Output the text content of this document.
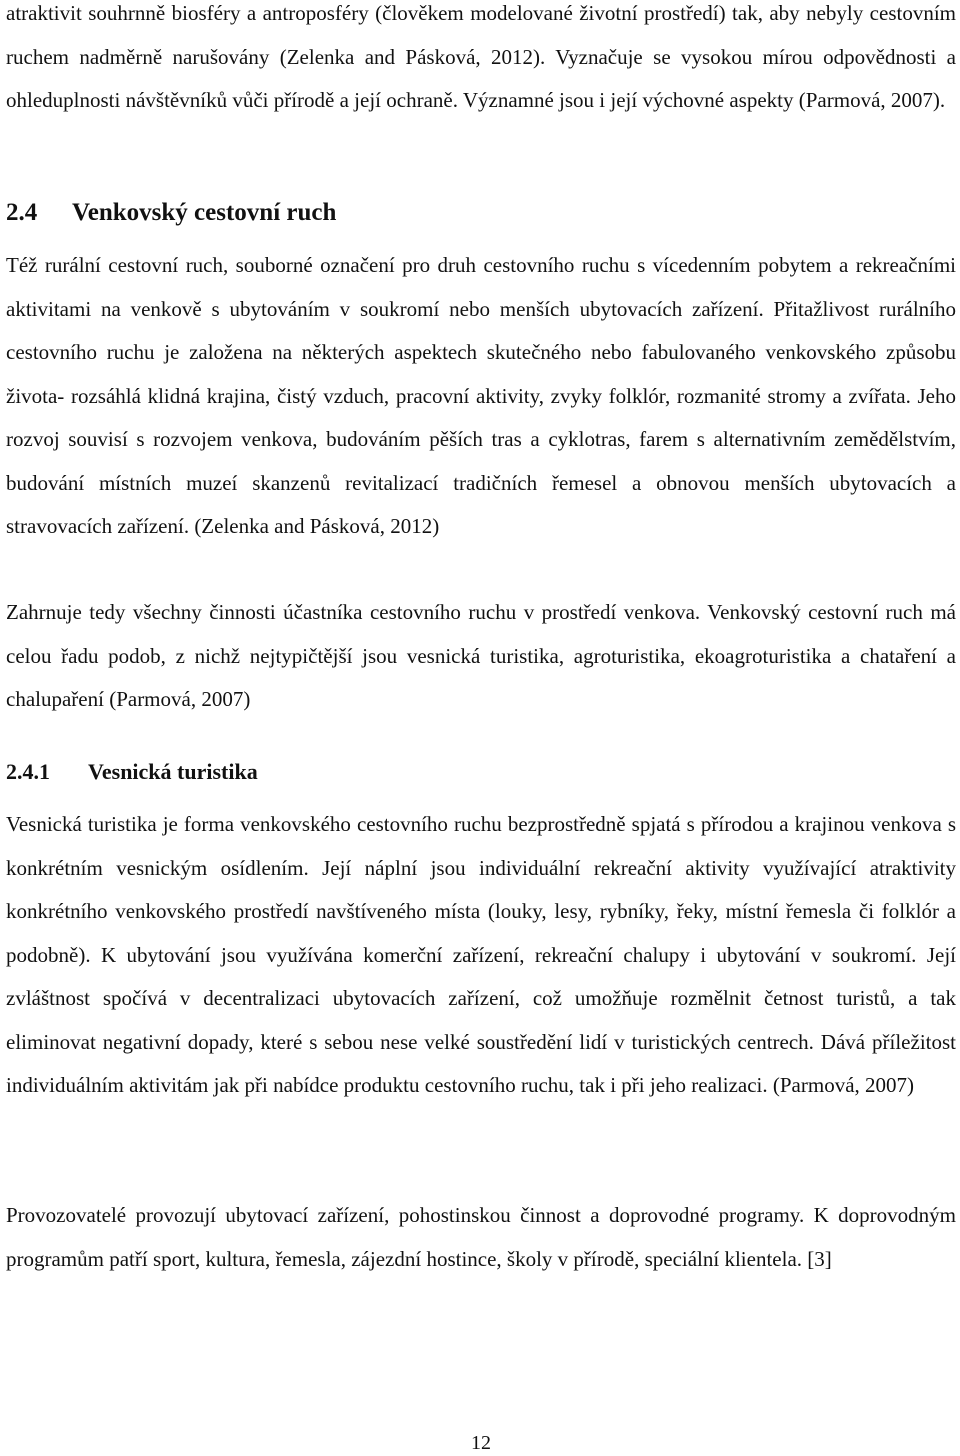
atraktivit souhrnně biosféry a antroposféry (člověkem modelované životní prostředí) tak, aby nebyly cestovním ruchem nadměrně narušovány (Zelenka and Pásková, 2012). Vyznačuje se vysokou mírou odpovědnosti a ohleduplnosti návštěvníků vůči přírodě a její ochraně. Významné jsou i její výchovné aspekty (Parmová, 2007).

2.4 Venkovský cestovní ruch

Též rurální cestovní ruch, souborné označení pro druh cestovního ruchu s vícedenním pobytem a rekreačními aktivitami na venkově s ubytováním v soukromí nebo menších ubytovacích zařízení. Přitažlivost rurálního cestovního ruchu je založena na některých aspektech skutečného nebo fabulovaného venkovského způsobu života- rozsáhlá klidná krajina, čistý vzduch, pracovní aktivity, zvyky folklór, rozmanité stromy a zvířata. Jeho rozvoj souvisí s rozvojem venkova, budováním pěších tras a cyklotras, farem s alternativním zemědělstvím, budování místních muzeí skanzenů revitalizací tradičních řemesel a obnovou menších ubytovacích a stravovacích zařízení. (Zelenka and Pásková, 2012)

Zahrnuje tedy všechny činnosti účastníka cestovního ruchu v prostředí venkova. Venkovský cestovní ruch má celou řadu podob, z nichž nejtypičtější jsou vesnická turistika, agroturistika, ekoagroturistika a chataření a chalupaření (Parmová, 2007)

2.4.1 Vesnická turistika

Vesnická turistika je forma venkovského cestovního ruchu bezprostředně spjatá s přírodou a krajinou venkova s konkrétním vesnickým osídlením. Její náplní jsou individuální rekreační aktivity využívající atraktivity konkrétního venkovského prostředí navštíveného místa (louky, lesy, rybníky, řeky, místní řemesla či folklór a podobně). K ubytování jsou využívána komerční zařízení, rekreační chalupy i ubytování v soukromí. Její zvláštnost spočívá v decentralizaci ubytovacích zařízení, což umožňuje rozmělnit četnost turistů, a tak eliminovat negativní dopady, které s sebou nese velké soustředění lidí v turistických centrech. Dává příležitost individuálním aktivitám jak při nabídce produktu cestovního ruchu, tak i při jeho realizaci. (Parmová, 2007)

Provozovatelé provozují ubytovací zařízení, pohostinskou činnost a doprovodné programy. K doprovodným programům patří sport, kultura, řemesla, zájezdní hostince, školy v přírodě, speciální klientela. [3]

12
